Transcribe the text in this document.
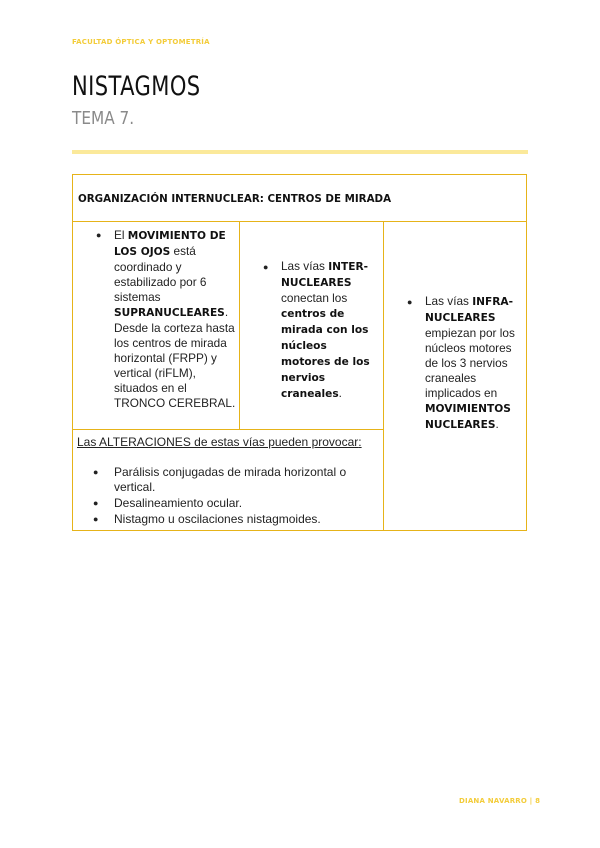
FACULTAD ÓPTICA Y OPTOMETRÍA
NISTAGMOS
TEMA 7.
ORGANIZACIÓN INTERNUCLEAR: CENTROS DE MIRADA
● El MOVIMIENTO DE LOS OJOS está coordinado y estabilizado por 6 sistemas SUPRANUCLEARES. Desde la corteza hasta los centros de mirada horizontal (FRPP) y vertical (riFLM), situados en el TRONCO CEREBRAL.
● Las vías INTER-NUCLEARES conectan los centros de mirada con los núcleos motores de los nervios craneales.
● Las vías INFRA-NUCLEARES empiezan por los núcleos motores de los 3 nervios craneales implicados en MOVIMIENTOS NUCLEARES.
Las ALTERACIONES de estas vías pueden provocar:
● Parálisis conjugadas de mirada horizontal o vertical.
● Desalineamiento ocular.
● Nistagmo u oscilaciones nistagmoides.
DIANA NAVARRO | 8
